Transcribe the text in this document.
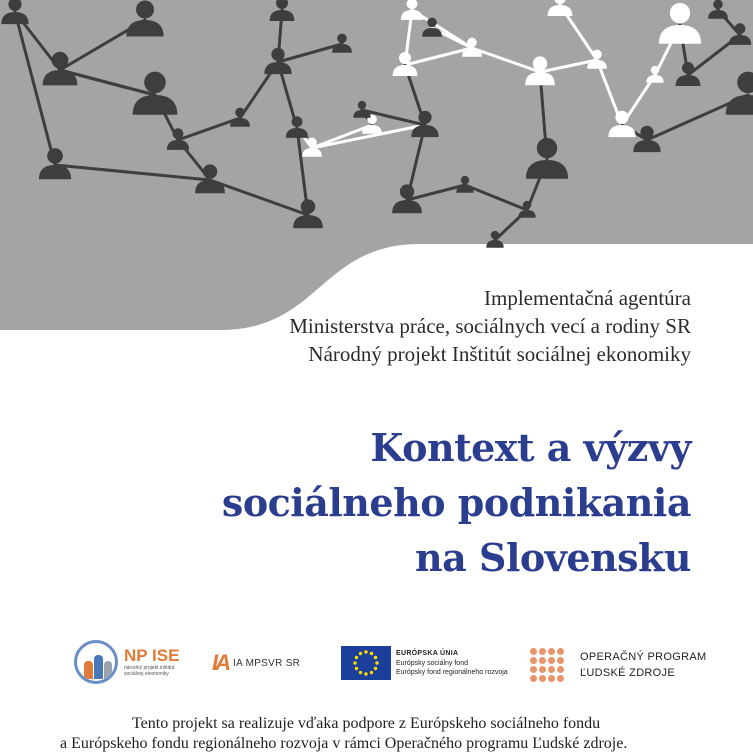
Implementačná agentúra
Ministerstva práce, sociálnych vecí a rodiny SR
Národný projekt Inštitút sociálnej ekonomiky
Kontext a výzvy
sociálneho podnikania
na Slovensku
NP ISE
národný projekt inštitút sociálnej ekonomiky	IA IA MPSVR SR
EURÓPSKA ÚNIA
Európsky sociálny fond
Európsky fond regionálneho rozvoja
OPERAČNÝ PROGRAM
ĽUDSKÉ ZDROJE
Tento projekt sa realizuje vďaka podpore z Európskeho sociálneho fondu
a Európskeho fondu regionálneho rozvoja v rámci Operačného programu Ľudské zdroje.
